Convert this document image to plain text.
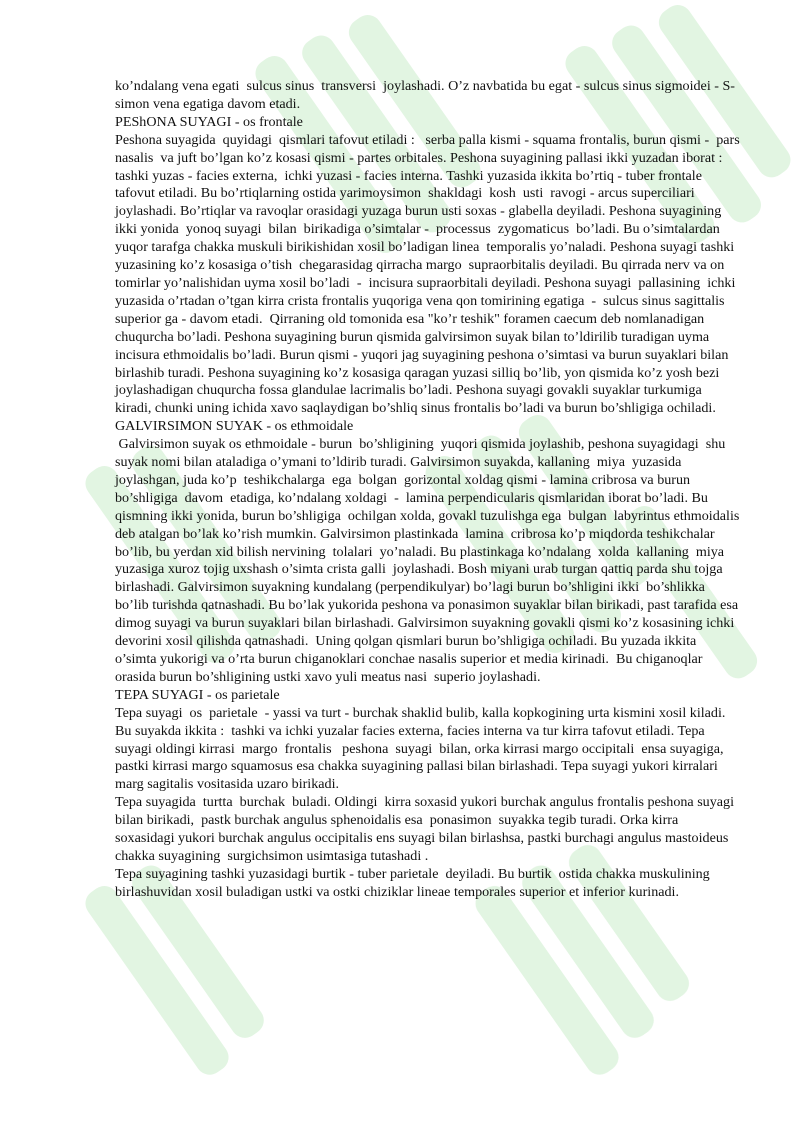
ko’ndalang vena egati  sulcus sinus  transversi  joylashadi. O’z navbatida bu egat - sulcus sinus sigmoidei - S-simon vena egatiga davom etadi.

PEShONA SUYAGI - os frontale

Peshona suyagida  quyidagi  qismlari tafovut etiladi :   serba palla kismi - squama frontalis, burun qismi -  pars  nasalis  va juft bo’lgan ko’z kosasi qismi - partes orbitales. Peshona suyagining pallasi ikki yuzadan iborat :   tashki yuzas - facies externa,  ichki yuzasi - facies interna. Tashki yuzasida ikkita bo’rtiq - tuber frontale tafovut etiladi. Bu bo’rtiqlarning ostida yarimoysimon  shakldagi  kosh  usti  ravogi - arcus superciliari joylashadi. Bo’rtiqlar va ravoqlar orasidagi yuzaga burun usti soxas - glabella deyiladi. Peshona suyagining ikki yonida  yonoq suyagi  bilan  birikadiga o’simtalar -  processus  zygomaticus  bo’ladi. Bu o’simtalardan yuqor tarafga chakka muskuli birikishidan xosil bo’ladigan linea  temporalis yo’naladi. Peshona suyagi tashki yuzasining ko’z kosasiga o’tish  chegarasidag qirracha margo  supraorbitalis deyiladi. Bu qirrada nerv va on tomirlar yo’nalishidan uyma xosil bo’ladi  -  incisura supraorbitali deyiladi. Peshona suyagi  pallasining  ichki  yuzasida o’rtadan o’tgan kirra crista frontalis yuqoriga vena qon tomirining egatiga  -  sulcus sinus sagittalis superior ga - davom etadi.  Qirraning old tomonida esa "ko’r teshik" foramen caecum deb nomlanadigan chuqurcha bo’ladi. Peshona suyagining burun qismida galvirsimon suyak bilan to’ldirilib turadigan uyma incisura ethmoidalis bo’ladi. Burun qismi - yuqori jag suyagining peshona o’simtasi va burun suyaklari bilan birlashib turadi. Peshona suyagining ko’z kosasiga qaragan yuzasi silliq bo’lib, yon qismida ko’z yosh bezi joylashadigan chuqurcha fossa glandulae lacrimalis bo’ladi. Peshona suyagi govakli suyaklar turkumiga kiradi, chunki uning ichida xavo saqlaydigan bo’shliq sinus frontalis bo’ladi va burun bo’shligiga ochiladi.

GALVIRSIMON SUYAK - os ethmoidale

Galvirsimon suyak os ethmoidale - burun  bo’shligining  yuqori qismida joylashib, peshona suyagidagi  shu suyak nomi bilan ataladiga o’ymani to’ldirib turadi. Galvirsimon suyakda, kallaning  miya  yuzasida joylashgan, juda ko’p  teshikchalarga  ega  bolgan  gorizontal xoldag qismi - lamina cribrosa va burun bo’shligiga  davom  etadiga, ko’ndalang xoldagi  -  lamina perpendicularis qismlaridan iborat bo’ladi. Bu qismning ikki yonida, burun bo’shligiga  ochilgan xolda, govakl tuzulishga ega  bulgan  labyrintus ethmoidalis deb atalgan bo’lak ko’rish mumkin. Galvirsimon plastinkada  lamina  cribrosa ko’p miqdorda teshikchalar bo’lib, bu yerdan xid bilish nervining  tolalari  yo’naladi. Bu plastinkaga ko’ndalang  xolda  kallaning  miya yuzasiga xuroz tojig uxshash o’simta crista galli  joylashadi. Bosh miyani urab turgan qattiq parda shu tojga birlashadi. Galvirsimon suyakning kundalang (perpendikulyar) bo’lagi burun bo’shligini ikki  bo’shlikka bo’lib turishda qatnashadi. Bu bo’lak yukorida peshona va ponasimon suyaklar bilan birikadi, past tarafida esa  dimog suyagi va burun suyaklari bilan birlashadi. Galvirsimon suyakning govakli qismi ko’z kosasining ichki devorini xosil qilishda qatnashadi.  Uning qolgan qismlari burun bo’shligiga ochiladi. Bu yuzada ikkita o’simta yukorigi va o’rta burun chiganoklari conchae nasalis superior et media kirinadi.  Bu chiganoqlar orasida burun bo’shligining ustki xavo yuli meatus nasi  superio joylashadi.

TEPA SUYAGI - os parietale

Tepa suyagi  os  parietale  - yassi va turt - burchak shaklid bulib, kalla kopkogining urta kismini xosil kiladi. Bu suyakda ikkita :  tashki va ichki yuzalar facies externa, facies interna va tur kirra tafovut etiladi. Tepa suyagi oldingi kirrasi  margo  frontalis   peshona  suyagi  bilan, orka kirrasi margo occipitali  ensa suyagiga, pastki kirrasi margo squamosus esa chakka suyagining pallasi bilan birlashadi. Tepa suyagi yukori kirralari marg sagitalis vositasida uzaro birikadi.

Tepa suyagida  turtta  burchak  buladi. Oldingi  kirra soxasid yukori burchak angulus frontalis peshona suyagi bilan birikadi,  pastk burchak angulus sphenoidalis esa  ponasimon  suyakka tegib turadi. Orka kirra soxasidagi yukori burchak angulus occipitalis ens suyagi bilan birlashsa, pastki burchagi angulus mastoideus chakka suyagining  surgichsimon usimtasiga tutashadi .

Tepa suyagining tashki yuzasidagi burtik - tuber parietale  deyiladi. Bu burtik  ostida chakka muskulining birlashuvidan xosil buladigan ustki va ostki chiziklar lineae temporales superior et inferior kurinadi.
